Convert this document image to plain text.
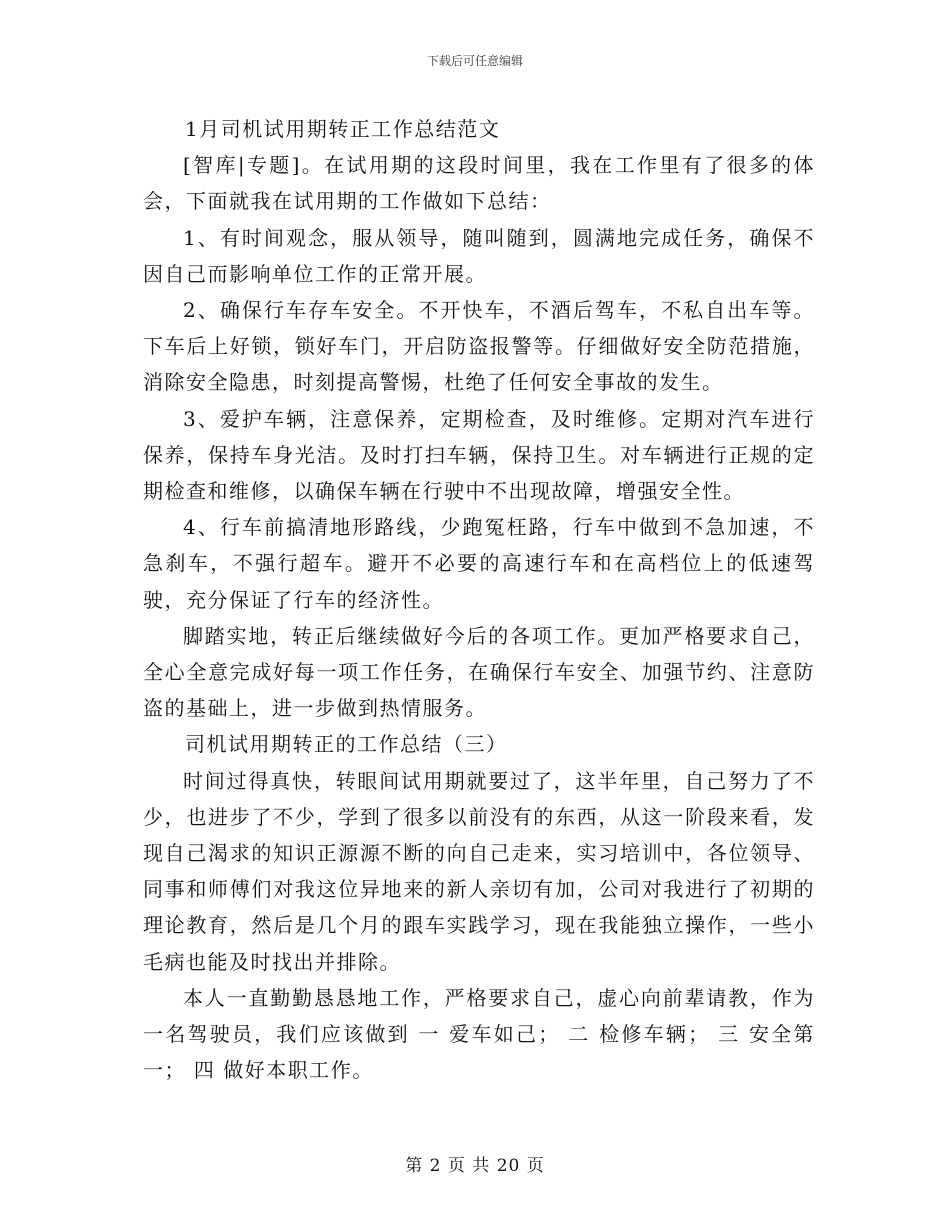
下载后可任意编辑

1月司机试用期转正工作总结范文

[智库|专题]。在试用期的这段时间里，我在工作里有了很多的体会，下面就我在试用期的工作做如下总结：

1、有时间观念，服从领导，随叫随到，圆满地完成任务，确保不因自己而影响单位工作的正常开展。

2、确保行车存车安全。不开快车，不酒后驾车，不私自出车等。下车后上好锁，锁好车门，开启防盗报警等。仔细做好安全防范措施，消除安全隐患，时刻提高警惕，杜绝了任何安全事故的发生。

3、爱护车辆，注意保养，定期检查，及时维修。定期对汽车进行保养，保持车身光洁。及时打扫车辆，保持卫生。对车辆进行正规的定期检查和维修，以确保车辆在行驶中不出现故障，增强安全性。

4、行车前搞清地形路线，少跑冤枉路，行车中做到不急加速，不急刹车，不强行超车。避开不必要的高速行车和在高档位上的低速驾驶，充分保证了行车的经济性。

脚踏实地，转正后继续做好今后的各项工作。更加严格要求自己，全心全意完成好每一项工作任务，在确保行车安全、加强节约、注意防盗的基础上，进一步做到热情服务。

司机试用期转正的工作总结（三）

时间过得真快，转眼间试用期就要过了，这半年里，自己努力了不少，也进步了不少，学到了很多以前没有的东西，从这一阶段来看，发现自己渴求的知识正源源不断的向自己走来，实习培训中，各位领导、同事和师傅们对我这位异地来的新人亲切有加，公司对我进行了初期的理论教育，然后是几个月的跟车实践学习，现在我能独立操作，一些小毛病也能及时找出并排除。

本人一直勤勤恳恳地工作，严格要求自己，虚心向前辈请教，作为一名驾驶员，我们应该做到 一 爱车如己； 二 检修车辆； 三 安全第一； 四 做好本职工作。

第 2 页 共 20 页
